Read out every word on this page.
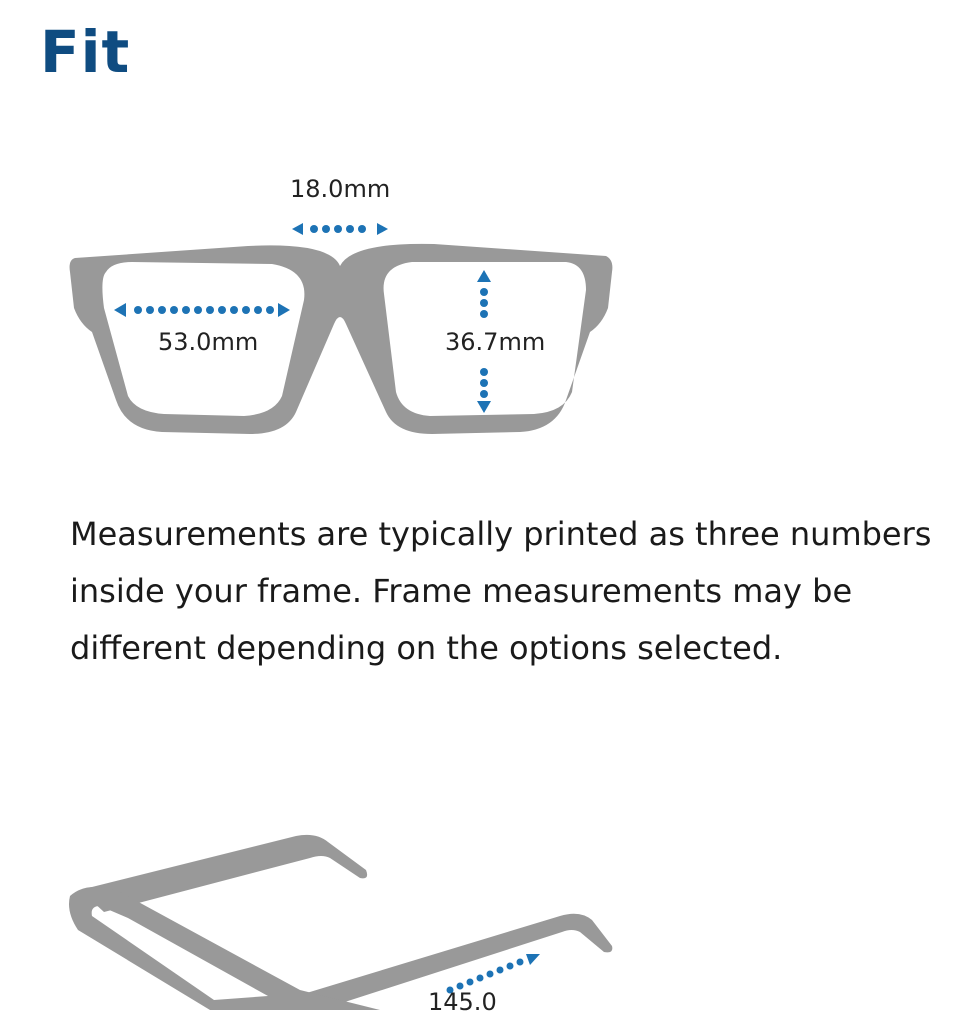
Fit
18.0mm
53.0mm	36.7mm

Measurements are typically printed as three numbers inside your frame. Frame measurements may be different depending on the options selected.

145.0
